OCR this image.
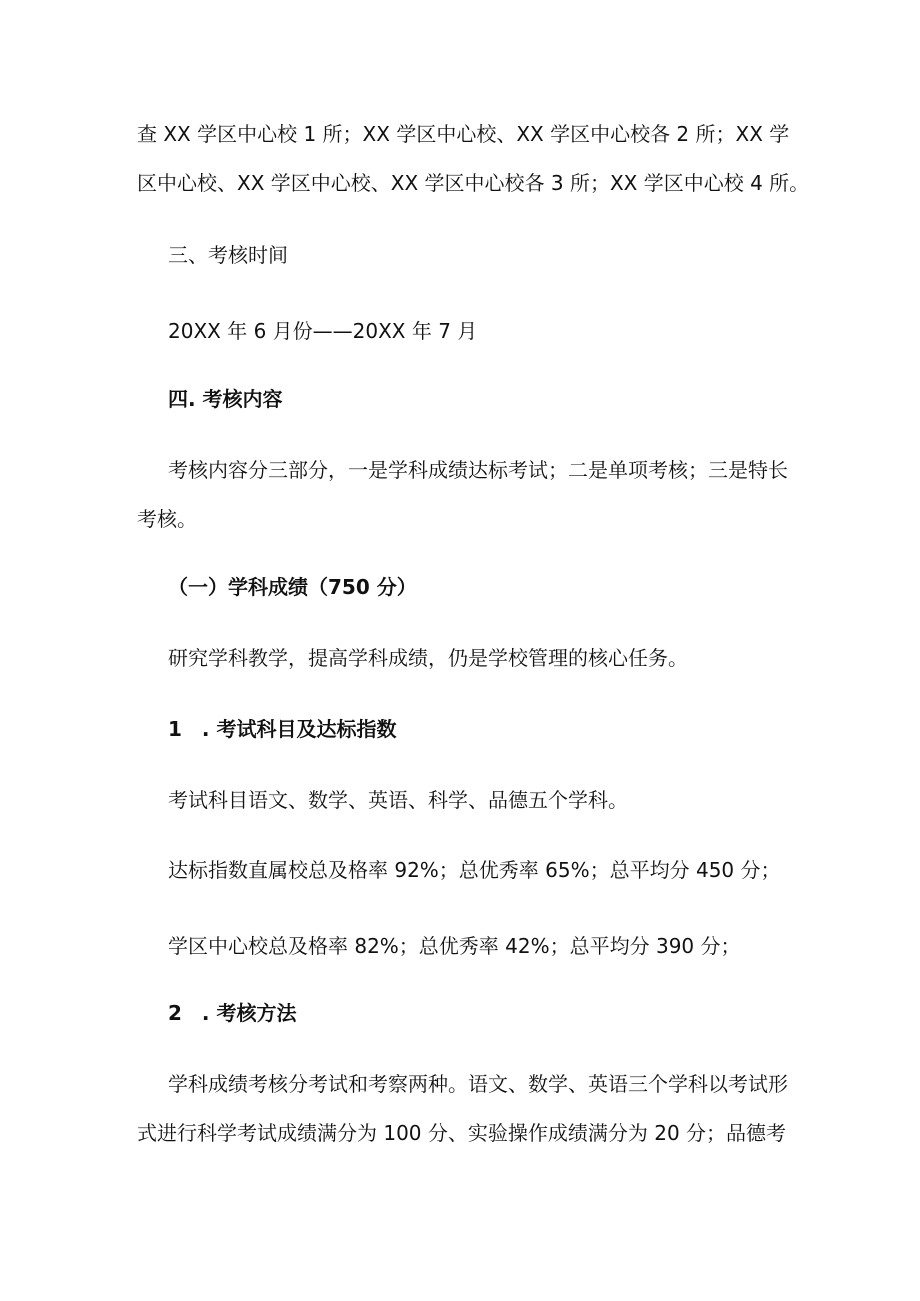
查 XX 学区中心校 1 所；XX 学区中心校、XX 学区中心校各 2 所；XX 学

区中心校、XX 学区中心校、XX 学区中心校各 3 所；XX 学区中心校 4 所。

三、考核时间

20XX 年 6 月份——20XX 年 7 月

四. 考核内容

考核内容分三部分，一是学科成绩达标考试；二是单项考核；三是特长

考核。

（一）学科成绩（750 分）

研究学科教学，提高学科成绩，仍是学校管理的核心任务。

1　. 考试科目及达标指数

考试科目语文、数学、英语、科学、品德五个学科。

达标指数直属校总及格率 92%；总优秀率 65%；总平均分 450 分；

学区中心校总及格率 82%；总优秀率 42%；总平均分 390 分；

2　. 考核方法

学科成绩考核分考试和考察两种。语文、数学、英语三个学科以考试形

式进行科学考试成绩满分为 100 分、实验操作成绩满分为 20 分；品德考
